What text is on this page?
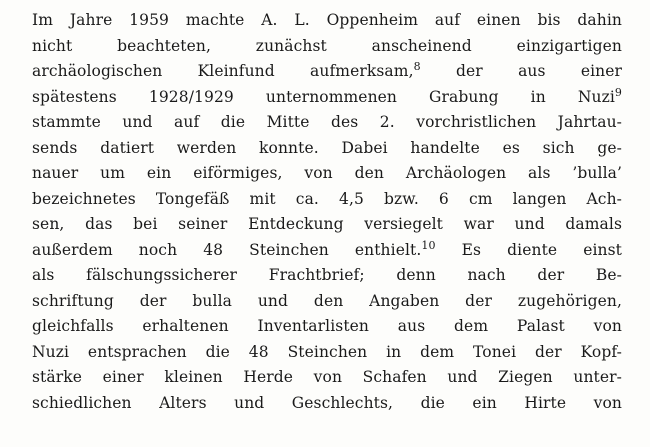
Im Jahre 1959 machte A. L. Oppenheim auf einen bis dahin
nicht beachteten, zunächst anscheinend einzigartigen
archäologischen Kleinfund aufmerksam,$^8$ der aus einer
spätestens 1928/1929 unternommenen Grabung in Nuzi$^9$
stammte und auf die Mitte des 2. vorchristlichen Jahrtau-
sends datiert werden konnte. Dabei handelte es sich ge-
nauer um ein eiförmiges, von den Archäologen als ’bulla’
bezeichnetes Tongefäß mit ca. 4,5 bzw. 6 cm langen Ach-
sen, das bei seiner Entdeckung versiegelt war und damals
außerdem noch 48 Steinchen enthielt.$^{10}$ Es diente einst
als fälschungssicherer Frachtbrief; denn nach der Be-
schriftung der bulla und den Angaben der zugehörigen,
gleichfalls erhaltenen Inventarlisten aus dem Palast von
Nuzi entsprachen die 48 Steinchen in dem Tonei der Kopf-
stärke einer kleinen Herde von Schafen und Ziegen unter-
schiedlichen Alters und Geschlechts, die ein Hirte von
